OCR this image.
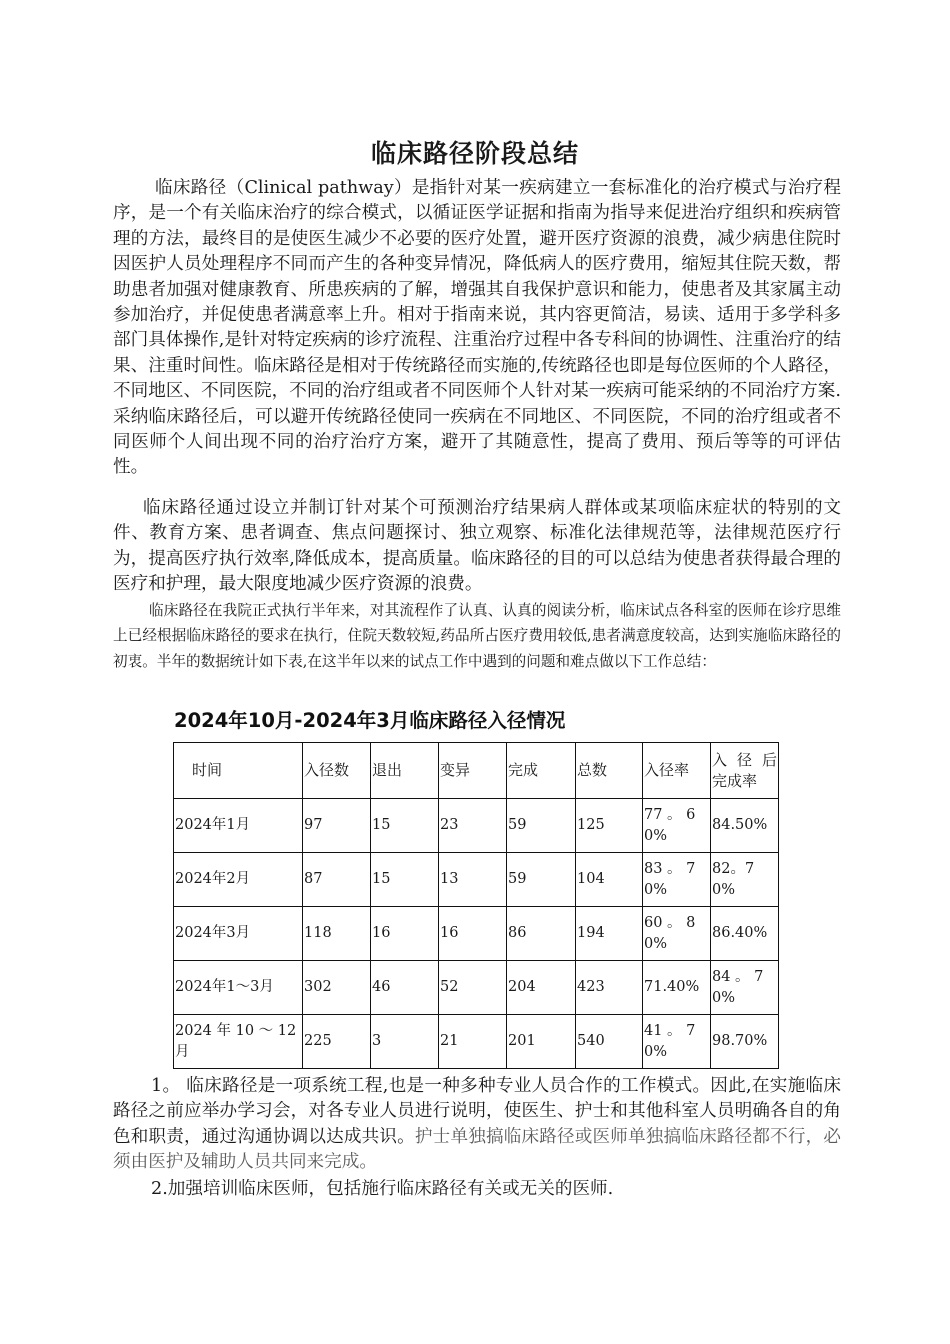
临床路径阶段总结
临床路径（Clinical pathway）是指针对某一疾病建立一套标准化的治疗模式与治疗程序，是一个有关临床治疗的综合模式，以循证医学证据和指南为指导来促进治疗组织和疾病管理的方法，最终目的是使医生减少不必要的医疗处置，避开医疗资源的浪费，减少病患住院时因医护人员处理程序不同而产生的各种变异情况，降低病人的医疗费用，缩短其住院天数，帮助患者加强对健康教育、所患疾病的了解，增强其自我保护意识和能力，使患者及其家属主动参加治疗，并促使患者满意率上升。相对于指南来说，其内容更简洁，易读、适用于多学科多部门具体操作,是针对特定疾病的诊疗流程、注重治疗过程中各专科间的协调性、注重治疗的结果、注重时间性。临床路径是相对于传统路径而实施的,传统路径也即是每位医师的个人路径，不同地区、不同医院，不同的治疗组或者不同医师个人针对某一疾病可能采纳的不同治疗方案.采纳临床路径后，可以避开传统路径使同一疾病在不同地区、不同医院，不同的治疗组或者不同医师个人间出现不同的治疗治疗方案，避开了其随意性，提高了费用、预后等等的可评估性。
临床路径通过设立并制订针对某个可预测治疗结果病人群体或某项临床症状的特别的文件、教育方案、患者调查、焦点问题探讨、独立观察、标准化法律规范等，法律规范医疗行为，提高医疗执行效率,降低成本，提高质量。临床路径的目的可以总结为使患者获得最合理的医疗和护理，最大限度地减少医疗资源的浪费。
临床路径在我院正式执行半年来，对其流程作了认真、认真的阅读分析，临床试点各科室的医师在诊疗思维上已经根据临床路径的要求在执行，住院天数较短,药品所占医疗费用较低,患者满意度较高，达到实施临床路径的初衷。半年的数据统计如下表,在这半年以来的试点工作中遇到的问题和难点做以下工作总结：
2024年10月-2024年3月临床路径入径情况
时间	入径数	退出	变异	完成	总数	入径率	入 径 后完成率
2024年1月	97	15	23	59	125	77 。 60%	84.50%
2024年2月	87	15	13	59	104	83 。 70%	82。70%
2024年3月	118	16	16	86	194	60 。 80%	86.40%
2024年1～3月	302	46	52	204	423	71.40%	84 。 70%
2024 年 10 ～ 12月	225	3	21	201	540	41 。 70%	98.70%
1。 临床路径是一项系统工程,也是一种多种专业人员合作的工作模式。因此,在实施临床路径之前应举办学习会，对各专业人员进行说明，使医生、护士和其他科室人员明确各自的角色和职责，通过沟通协调以达成共识。护士单独搞临床路径或医师单独搞临床路径都不行，必须由医护及辅助人员共同来完成。
2.加强培训临床医师，包括施行临床路径有关或无关的医师.
